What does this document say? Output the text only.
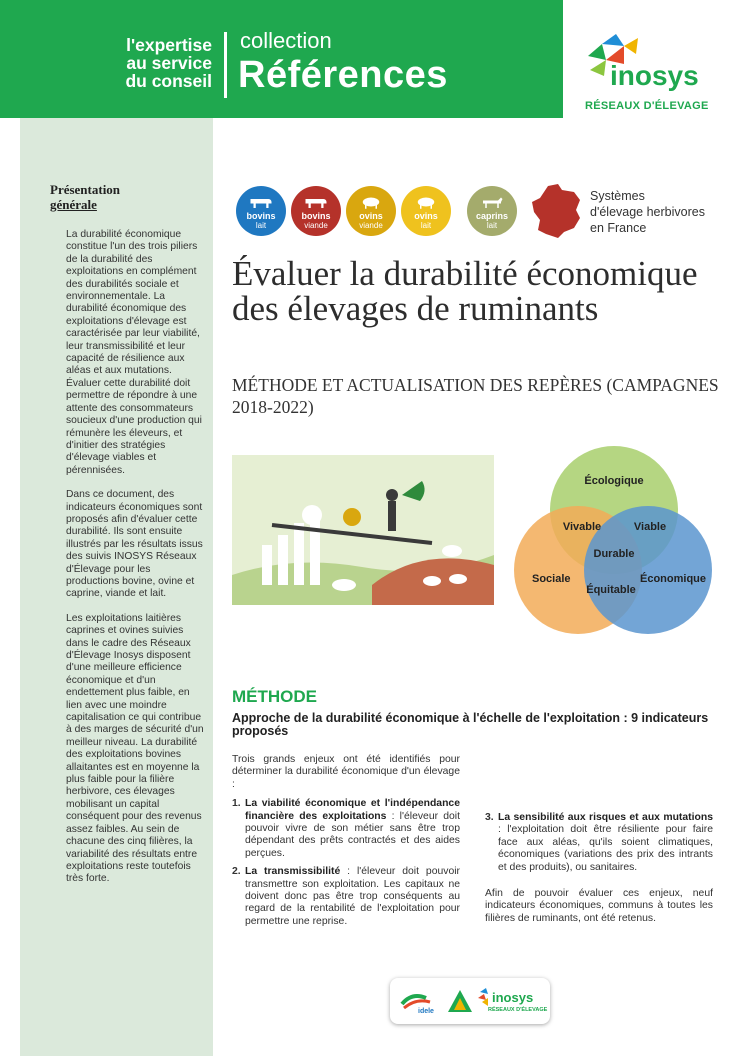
l'expertise
au service
du conseil
collection
Références	inosys
RÉSEAUX D'ÉLEVAGE
Présentation
générale

La durabilité économique constitue l'un des trois piliers de la durabilité des exploitations en complément des durabilités sociale et environnementale. La durabilité économique des exploitations d'élevage est caractérisée par leur viabilité, leur transmissibilité et leur capacité de résilience aux aléas et aux mutations. Évaluer cette durabilité doit permettre de répondre à une attente des consommateurs soucieux d'une production qui rémunère les éleveurs, et d'initier des stratégies d'élevage viables et pérennisées.

Dans ce document, des indicateurs économiques sont proposés afin d'évaluer cette durabilité. Ils sont ensuite illustrés par les résultats issus des suivis INOSYS Réseaux d'Élevage pour les productions bovine, ovine et caprine, viande et lait.

Les exploitations laitières caprines et ovines suivies dans le cadre des Réseaux d'Élevage Inosys disposent d'une meilleure efficience économique et d'un endettement plus faible, en lien avec une moindre capitalisation ce qui contribue à des marges de sécurité d'un meilleur niveau. La durabilité des exploitations bovines allaitantes est en moyenne la plus faible pour la filière herbivore, ces élevages mobilisant un capital conséquent pour des revenus assez faibles. Au sein de chacune des cinq filières, la variabilité des résultats entre exploitations reste toutefois très forte.

bovins
lait
bovins
viande
ovins
viande
ovins
lait
caprins
lait
Systèmes
d'élevage herbivores
en France
Évaluer la durabilité économique des élevages de ruminants
MÉTHODE ET ACTUALISATION DES REPÈRES (CAMPAGNES 2018-2022)
Écologique
Sociale	Économique
Vivable	Viable
Équitable
Durable
MÉTHODE
Approche de la durabilité économique à l'échelle de l'exploitation : 9 indicateurs proposés

Trois grands enjeux ont été identifiés pour déterminer la durabilité économique d'un élevage :

1. La viabilité économique et l'indépendance financière des exploitations : l'éleveur doit pouvoir vivre de son métier sans être trop dépendant des prêts contractés et des aides perçues.
2. La transmissibilité : l'éleveur doit pouvoir transmettre son exploitation. Les capitaux ne doivent donc pas être trop conséquents au regard de la rentabilité de l'exploitation pour permettre une reprise.
3. La sensibilité aux risques et aux mutations : l'exploitation doit être résiliente pour faire face aux aléas, qu'ils soient climatiques, économiques (variations des prix des intrants et des produits), ou sanitaires.

Afin de pouvoir évaluer ces enjeux, neuf indicateurs économiques, communs à toutes les filières de ruminants, ont été retenus.

idele
inosys
RÉSEAUX D'ÉLEVAGE
